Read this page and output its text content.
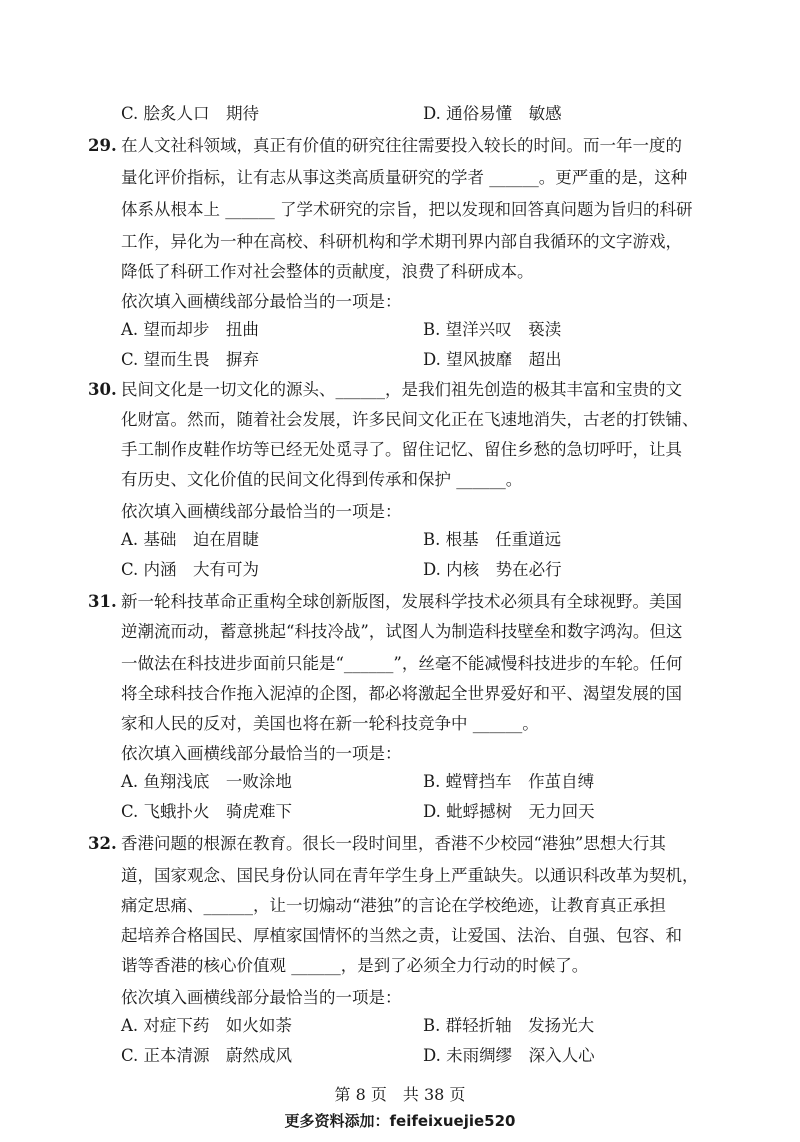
C. 脍炙人口　期待	D. 通俗易懂　敏感
29. 在人文社科领域，真正有价值的研究往往需要投入较长的时间。而一年一度的
量化评价指标，让有志从事这类高质量研究的学者 ______。更严重的是，这种
体系从根本上 ______ 了学术研究的宗旨，把以发现和回答真问题为旨归的科研
工作，异化为一种在高校、科研机构和学术期刊界内部自我循环的文字游戏，
降低了科研工作对社会整体的贡献度，浪费了科研成本。
依次填入画横线部分最恰当的一项是：
A. 望而却步　扭曲	B. 望洋兴叹　亵渎
C. 望而生畏　摒弃	D. 望风披靡　超出
30. 民间文化是一切文化的源头、______，是我们祖先创造的极其丰富和宝贵的文
化财富。然而，随着社会发展，许多民间文化正在飞速地消失，古老的打铁铺、
手工制作皮鞋作坊等已经无处觅寻了。留住记忆、留住乡愁的急切呼吁，让具
有历史、文化价值的民间文化得到传承和保护 ______。
依次填入画横线部分最恰当的一项是：
A. 基础　迫在眉睫	B. 根基　任重道远
C. 内涵　大有可为	D. 内核　势在必行
31. 新一轮科技革命正重构全球创新版图，发展科学技术必须具有全球视野。美国
逆潮流而动，蓄意挑起“科技冷战”，试图人为制造科技壁垒和数字鸿沟。但这
一做法在科技进步面前只能是“______”，丝毫不能减慢科技进步的车轮。任何
将全球科技合作拖入泥淖的企图，都必将激起全世界爱好和平、渴望发展的国
家和人民的反对，美国也将在新一轮科技竞争中 ______。
依次填入画横线部分最恰当的一项是：
A. 鱼翔浅底　一败涂地	B. 螳臂挡车　作茧自缚
C. 飞蛾扑火　骑虎难下	D. 蚍蜉撼树　无力回天
32. 香港问题的根源在教育。很长一段时间里，香港不少校园“港独”思想大行其
道，国家观念、国民身份认同在青年学生身上严重缺失。以通识科改革为契机，
痛定思痛、______，让一切煽动“港独”的言论在学校绝迹，让教育真正承担
起培养合格国民、厚植家国情怀的当然之责，让爱国、法治、自强、包容、和
谐等香港的核心价值观 ______，是到了必须全力行动的时候了。
依次填入画横线部分最恰当的一项是：
A. 对症下药　如火如荼	B. 群轻折轴　发扬光大
C. 正本清源　蔚然成风	D. 未雨绸缪　深入人心
第 8 页　共 38 页
更多资料添加：feifeixuejie520
